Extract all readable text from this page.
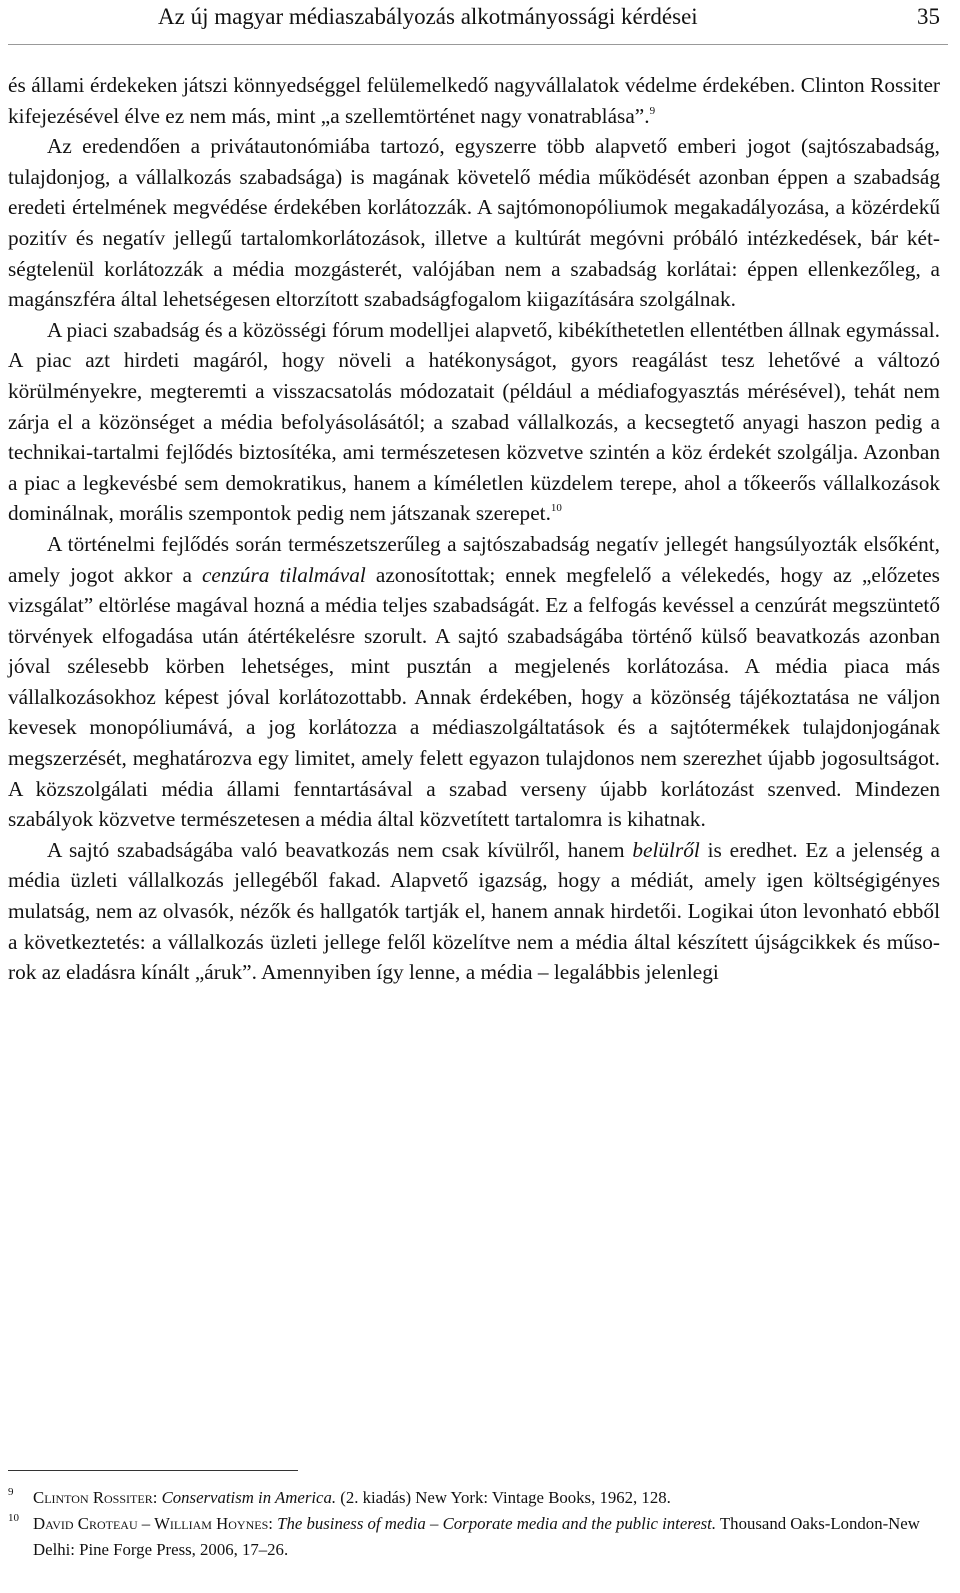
Az új magyar médiaszabályozás alkotmányossági kérdései	35

és állami érdekeken játszi könnyedséggel felülemelkedő nagyvállalatok védelme érdekében. Clinton Rossiter kifejezésével élve ez nem más, mint „a szellemtörténet nagy vonatrablása”.$^9$

Az eredendően a privátautonómiába tartozó, egyszerre több alapvető emberi jogot (sajtószabadság, tulajdonjog, a vállalkozás szabadsága) is magának követelő média működését azonban éppen a szabadság eredeti értelmének megvédése érdekében korlátozzák. A sajtómonopóliumok megakadályozása, a közérdekű pozitív és negatív jellegű tartalomkorlátozások, illetve a kultúrát megóvni próbáló intézkedések, bár kétségtelenül korlátozzák a média mozgásterét, valójában nem a szabadság korlátai: éppen ellenkezőleg, a magánszféra által lehetségesen eltorzított szabadságfogalom kiigazítására szolgálnak.

A piaci szabadság és a közösségi fórum modelljei alapvető, kibékíthetetlen ellentétben állnak egymással. A piac azt hirdeti magáról, hogy növeli a hatékonyságot, gyors reagálást tesz lehetővé a változó körülményekre, megteremti a visszacsatolás módozatait (például a médiafogyasztás mérésével), tehát nem zárja el a közönséget a média befolyásolásától; a szabad vállalkozás, a kecsegtető anyagi haszon pedig a technikai-tartalmi fejlődés biztosítéka, ami természetesen közvetve szintén a köz érdekét szolgálja. Azonban a piac a legkevésbé sem demokratikus, hanem a kíméletlen küzdelem terepe, ahol a tőkeerős vállalkozások dominálnak, morális szempontok pedig nem játszanak szerepet.$^{10}$

A történelmi fejlődés során természetszerűleg a sajtószabadság negatív jellegét hangsúlyozták elsőként, amely jogot akkor a cenzúra tilalmával azonosítottak; ennek megfelelő a vélekedés, hogy az „előzetes vizsgálat” eltörlése magával hozná a média teljes szabadságát. Ez a felfogás kevéssel a cenzúrát megszüntető törvények elfogadása után átértékelésre szorult. A sajtó szabadságába történő külső beavatkozás azonban jóval szélesebb körben lehetséges, mint pusztán a megjelenés korlátozása. A média piaca más vállalkozásokhoz képest jóval korlátozottabb. Annak érdekében, hogy a közönség tájékoztatása ne váljon kevesek monopóliumává, a jog korlátozza a médiaszolgáltatások és a sajtótermékek tulajdonjogának megszerzését, meghatározva egy limitet, amely felett egyazon tulajdonos nem szerezhet újabb jogosultságot. A közszolgálati média állami fenntartásával a szabad verseny újabb korlátozást szenved. Mindezen szabályok közvetve természetesen a média által közvetített tartalomra is kihatnak.

A sajtó szabadságába való beavatkozás nem csak kívülről, hanem belülről is eredhet. Ez a jelenség a média üzleti vállalkozás jellegéből fakad. Alapvető igazság, hogy a médiát, amely igen költségigényes mulatság, nem az olvasók, nézők és hallgatók tartják el, hanem annak hirdetői. Logikai úton levonható ebből a következtetés: a vállalkozás üzleti jellege felől közelítve nem a média által készített újságcikkek és műsorok az eladásra kínált „áruk”. Amennyiben így lenne, a média – legalábbis jelenlegi

9 Clinton Rossiter: Conservatism in America. (2. kiadás) New York: Vintage Books, 1962, 128.
10 David Croteau – William Hoynes: The business of media – Corporate media and the public interest. Thousand Oaks-London-New Delhi: Pine Forge Press, 2006, 17–26.
